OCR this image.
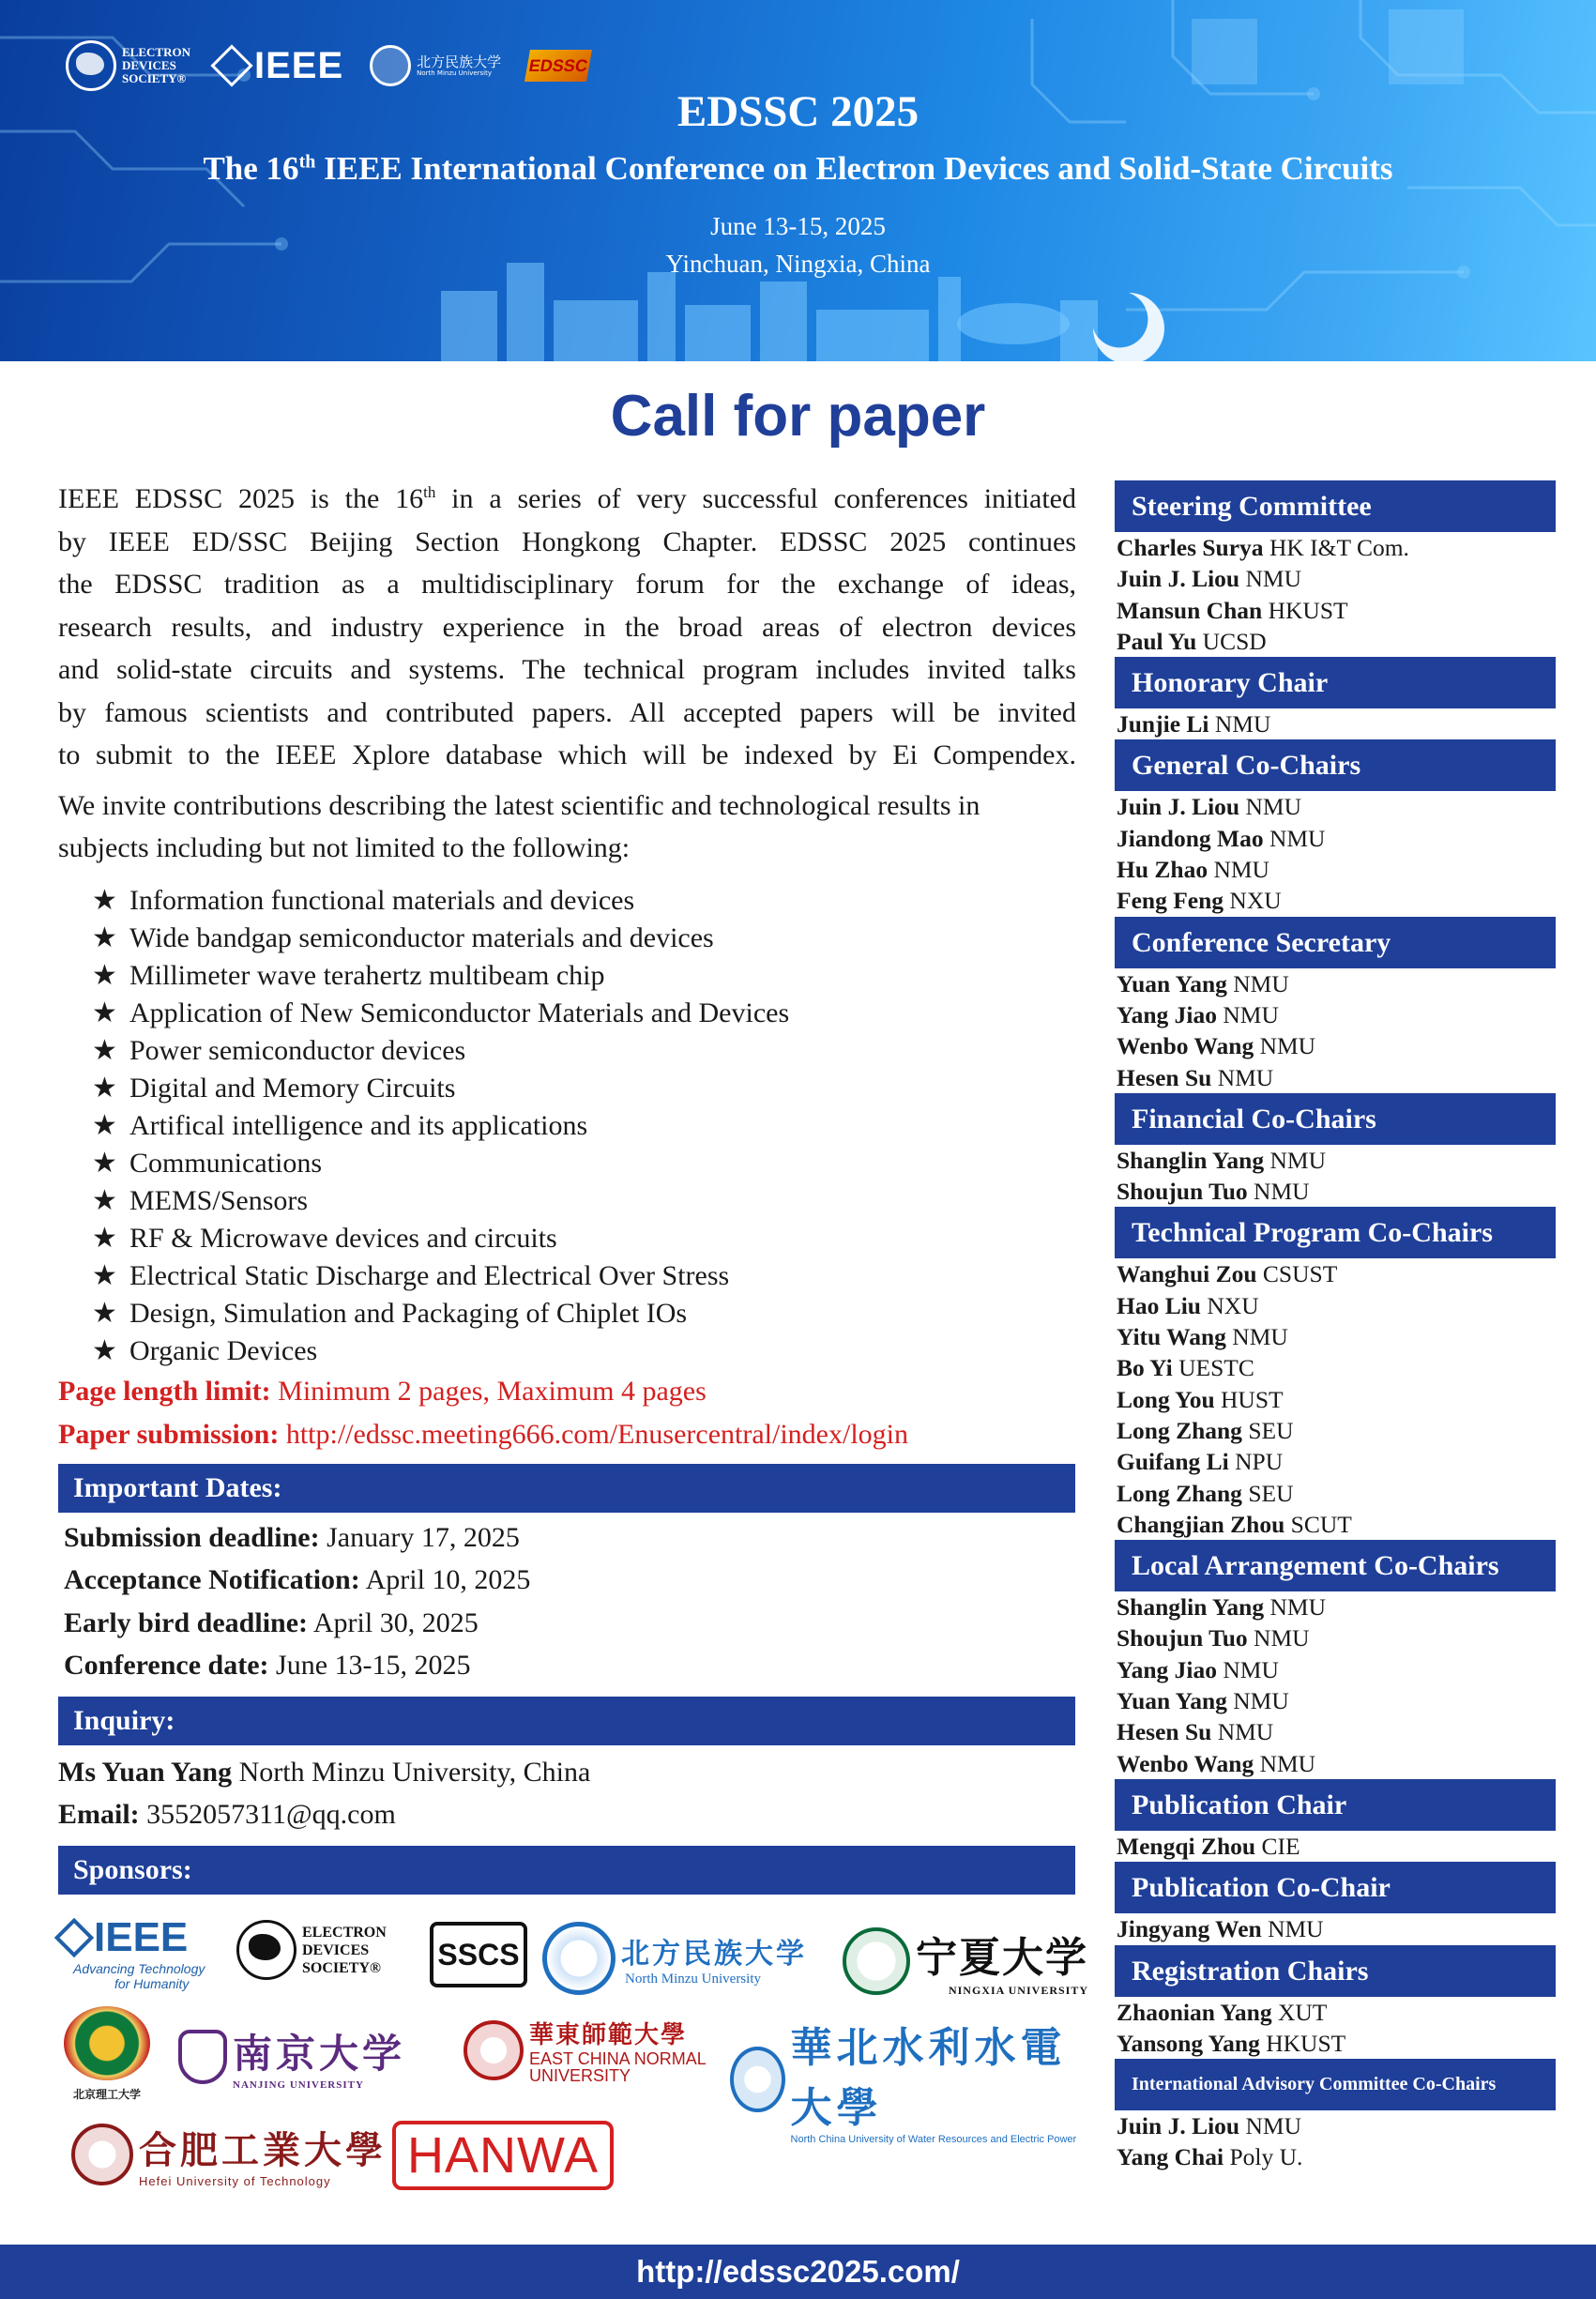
ELECTRON
DEVICES
SOCIETY® IEEE	北方民族大学
North Minzu University	EDSSC
EDSSC 2025
The 16th IEEE International Conference on Electron Devices and Solid-State Circuits
June 13-15, 2025
Yinchuan, Ningxia, China
Call for paper
IEEE EDSSC 2025 is the 16th in a series of very successful conferences initiated
by IEEE ED/SSC Beijing Section Hongkong Chapter. EDSSC 2025 continues
the EDSSC tradition as a multidisciplinary forum for the exchange of ideas,
research results, and industry experience in the broad areas of electron devices
and solid-state circuits and systems. The technical program includes invited talks
by famous scientists and contributed papers. All accepted papers will be invited
to submit to the IEEE Xplore database which will be indexed by Ei Compendex.
We invite contributions describing the latest scientific and technological results in
subjects including but not limited to the following:
★ Information functional materials and devices
★ Wide bandgap semiconductor materials and devices
★ Millimeter wave terahertz multibeam chip
★ Application of New Semiconductor Materials and Devices
★ Power semiconductor devices
★ Digital and Memory Circuits
★ Artifical intelligence and its applications
★ Communications
★ MEMS/Sensors
★ RF & Microwave devices and circuits
★ Electrical Static Discharge and Electrical Over Stress
★ Design, Simulation and Packaging of Chiplet IOs
★ Organic Devices
Page length limit: Minimum 2 pages, Maximum 4 pages
Paper submission: http://edssc.meeting666.com/Enusercentral/index/login
Important Dates:
Submission deadline: January 17, 2025
Acceptance Notification: April 10, 2025
Early bird deadline: April 30, 2025
Conference date: June 13-15, 2025
Inquiry:
Ms Yuan Yang North Minzu University, China
Email: 3552057311@qq.com
Sponsors:
IEEE
Advancing Technology
for Humanity
ELECTRON
DEVICES
SOCIETY® SSCS	北方民族大学
North Minzu University	宁夏大学
NINGXIA UNIVERSITY
北京理工大学
南京大学
NANJING UNIVERSITY
華東師範大學
EAST CHINA NORMAL
UNIVERSITY
華北水利水電大學
North China University of Water Resources and Electric Power
合肥工業大學
Hefei University of Technology	HANWA
Steering Committee
Charles Surya HK I&T Com.
Juin J. Liou NMU
Mansun Chan HKUST
Paul Yu UCSD
Honorary Chair
Junjie Li NMU
General Co-Chairs
Juin J. Liou NMU
Jiandong Mao NMU
Hu Zhao NMU
Feng Feng NXU
Conference Secretary
Yuan Yang NMU
Yang Jiao NMU
Wenbo Wang NMU
Hesen Su NMU
Financial Co-Chairs
Shanglin Yang NMU
Shoujun Tuo NMU
Technical Program Co-Chairs
Wanghui Zou CSUST
Hao Liu NXU
Yitu Wang NMU
Bo Yi UESTC
Long You HUST
Long Zhang SEU
Guifang Li NPU
Long Zhang SEU
Changjian Zhou SCUT
Local Arrangement Co-Chairs
Shanglin Yang NMU
Shoujun Tuo NMU
Yang Jiao NMU
Yuan Yang NMU
Hesen Su NMU
Wenbo Wang NMU
Publication Chair
Mengqi Zhou CIE
Publication Co-Chair
Jingyang Wen NMU
Registration Chairs
Zhaonian Yang XUT
Yansong Yang HKUST
International Advisory Committee Co-Chairs
Juin J. Liou NMU
Yang Chai Poly U.
http://edssc2025.com/
